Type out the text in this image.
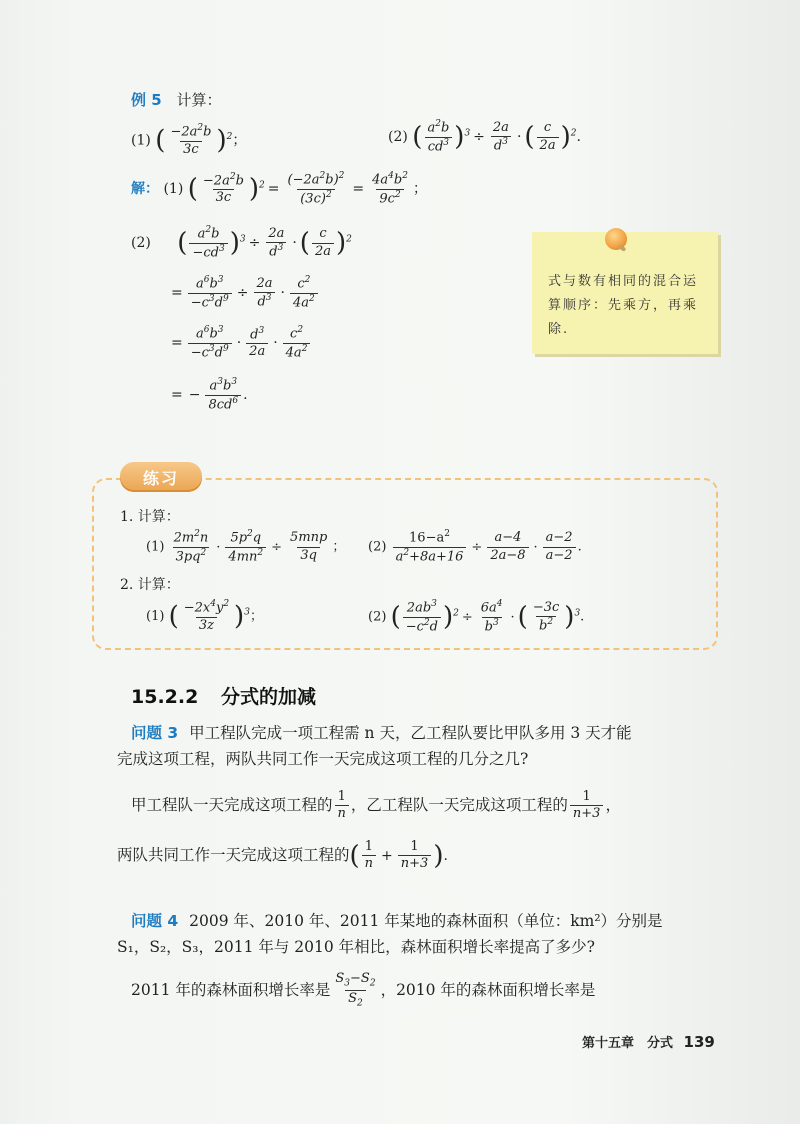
例 5 计算：
(1) ( $\frac{-2a^2b}{3c} )^2$；	(2) ( $\frac{a^2b}{cd^3} )^3 \div \frac{2a}{d^3}$ · ( $\frac{c}{2a} )^2$.
解： (1) ( $\frac{-2a^2b}{3c} )^2 = \frac{(-2a^2b)^2}{(3c)^2} = \frac{4a^4b^2}{9c^2}$ ；
(2) ( $\frac{a^2b}{-cd^3} )^3 \div \frac{2a}{d^3}$ · ( $\frac{c}{2a} )^2$
= $\frac{a^6b^3}{-c^3d^9} \div \frac{2a}{d^3} \cdot \frac{c^2}{4a^2}$
= $\frac{a^6b^3}{-c^3d^9} \cdot \frac{d^3}{2a} \cdot \frac{c^2}{4a^2}$
= − $\frac{a^3b^3}{8cd^6}$ .
式与数有相同的混合运算顺序：先乘方，再乘除.
练习
1. 计算：
$(1) \frac{2m^2n}{3pq^2} \cdot \frac{5p^2q}{4mn^2} \div \frac{\text{5mnp}}{3q}$ ； $(2) \frac{16-a^2}{a^2+8a+16} \div \frac{a-4}{2a-8} \cdot \frac{a-2}{a-2}$ .
2. 计算：
(1) ( $\frac{-2x^4y^2}{3z} )^3$；	(2) ( $\frac{2ab^3}{-c^2d} )^2 \div \frac{6a^4}{b^3}$ · ( $\frac{-3c}{b^2} )^3$.
15.2.2 分式的加减
问题 3 甲工程队完成一项工程需 n 天，乙工程队要比甲队多用 3 天才能
完成这项工程，两队共同工作一天完成这项工程的几分之几?
甲工程队一天完成这项工程的 $\frac{1}{n}$ ，乙工程队一天完成这项工程的 $\frac{1}{n+3}$ ，
两队共同工作一天完成这项工程的( $\frac{1}{n} + \frac{1}{n+3}$ ).
问题 4 2009 年、2010 年、2011 年某地的森林面积（单位：km²）分别是
S₁，S₂，S₃，2011 年与 2010 年相比，森林面积增长率提高了多少?
2011 年的森林面积增长率是 $\frac{S_3-S_2}{S_2}$ ，2010 年的森林面积增长率是
第十五章　分式 139
